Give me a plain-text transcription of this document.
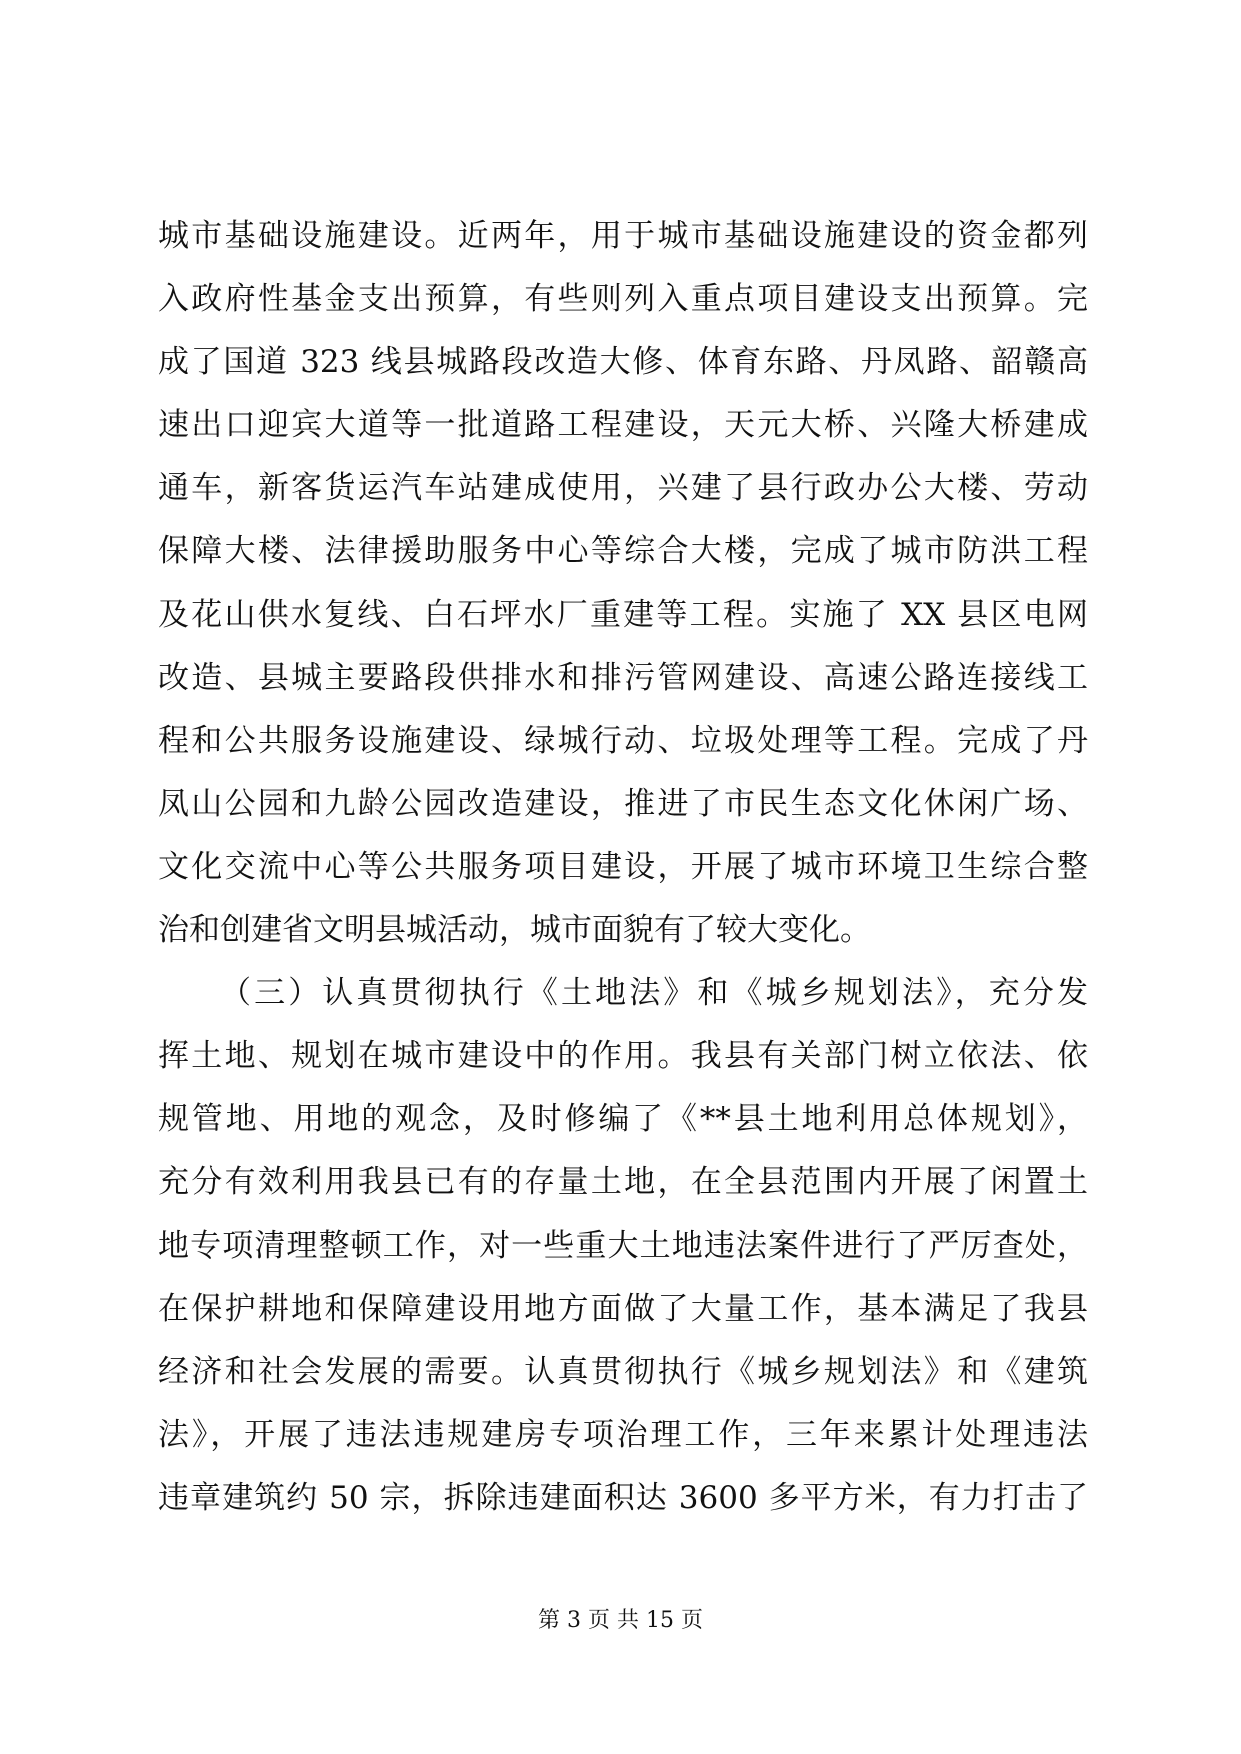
城市基础设施建设。近两年，用于城市基础设施建设的资金都列
入政府性基金支出预算，有些则列入重点项目建设支出预算。完
成了国道 323 线县城路段改造大修、体育东路、丹凤路、韶赣高
速出口迎宾大道等一批道路工程建设，天元大桥、兴隆大桥建成
通车，新客货运汽车站建成使用，兴建了县行政办公大楼、劳动
保障大楼、法律援助服务中心等综合大楼，完成了城市防洪工程
及花山供水复线、白石坪水厂重建等工程。实施了 XX 县区电网
改造、县城主要路段供排水和排污管网建设、高速公路连接线工
程和公共服务设施建设、绿城行动、垃圾处理等工程。完成了丹
凤山公园和九龄公园改造建设，推进了市民生态文化休闲广场、
文化交流中心等公共服务项目建设，开展了城市环境卫生综合整
治和创建省文明县城活动，城市面貌有了较大变化。
（三）认真贯彻执行《土地法》和《城乡规划法》，充分发
挥土地、规划在城市建设中的作用。我县有关部门树立依法、依
规管地、用地的观念，及时修编了《**县土地利用总体规划》，
充分有效利用我县已有的存量土地，在全县范围内开展了闲置土
地专项清理整顿工作，对一些重大土地违法案件进行了严厉查处，
在保护耕地和保障建设用地方面做了大量工作，基本满足了我县
经济和社会发展的需要。认真贯彻执行《城乡规划法》和《建筑
法》，开展了违法违规建房专项治理工作，三年来累计处理违法
违章建筑约 50 宗，拆除违建面积达 3600 多平方米，有力打击了
第 3 页 共 15 页
